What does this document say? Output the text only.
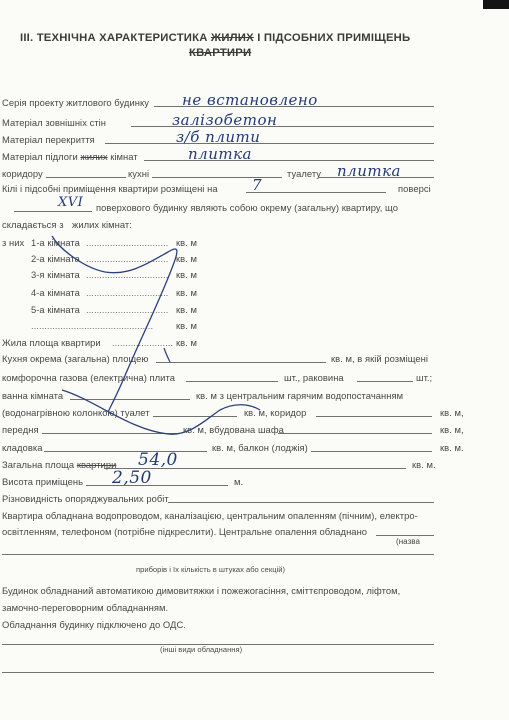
III. ТЕХНІЧНА ХАРАКТЕРИСТИКА ЖИЛИХ І ПІДСОБНИХ ПРИМІЩЕНЬ
КВАРТИРИ
Серія проекту житлового будинку не встановлено
Матеріал зовнішніх стін	залізобетон
Матеріал перекриття	з/б плити
Матеріал підлоги жилих кімнат	плитка
коридору	кухні	туалету плитка
Кілі і підсобні приміщення квартири розміщені на 7	поверсі
XVI поверхового будинку являють собою окрему (загальну) квартиру, що
складається з жилих кімнат:
з них 1-а кімната ............................... кв. м
2-а кімната ............................... кв. м
3-я кімната ............................... кв. м
4-а кімната ............................... кв. м
5-а кімната ............................... кв. м
.............................................. кв. м
Жила площа квартири ....................... кв. м
Кухня окрема (загальна) площею	кв. м, в якій розміщені
комфорочна газова (електрична) плита	шт., раковина	шт.;
ванна кімната	кв. м з центральним гарячим водопостачанням
(водонагрівною колонкою) туалет	кв. м, коридор	кв. м,
передня	кв. м, вбудована шафа	кв. м,
кладовка	кв. м, балкон (лоджія)	кв. м.
Загальна площа квартири 54,0	кв. м.
Висота приміщень 2,50	м.
Різновидність опоряджувальних робіт
Квартира обладнана водопроводом, каналізацією, центральним опаленням (пічним), електро-
освітленням, телефоном (потрібне підкреслити). Центральне опалення обладнано
(назва
приборів і їх кількість в штуках або секцій)
Будинок обладнаний автоматикою димовитяжки і пожежогасіння, сміттєпроводом, ліфтом,
замочно-переговорним обладнанням.
Обладнання будинку підключено до ОДС.
(інші види обладнання)
